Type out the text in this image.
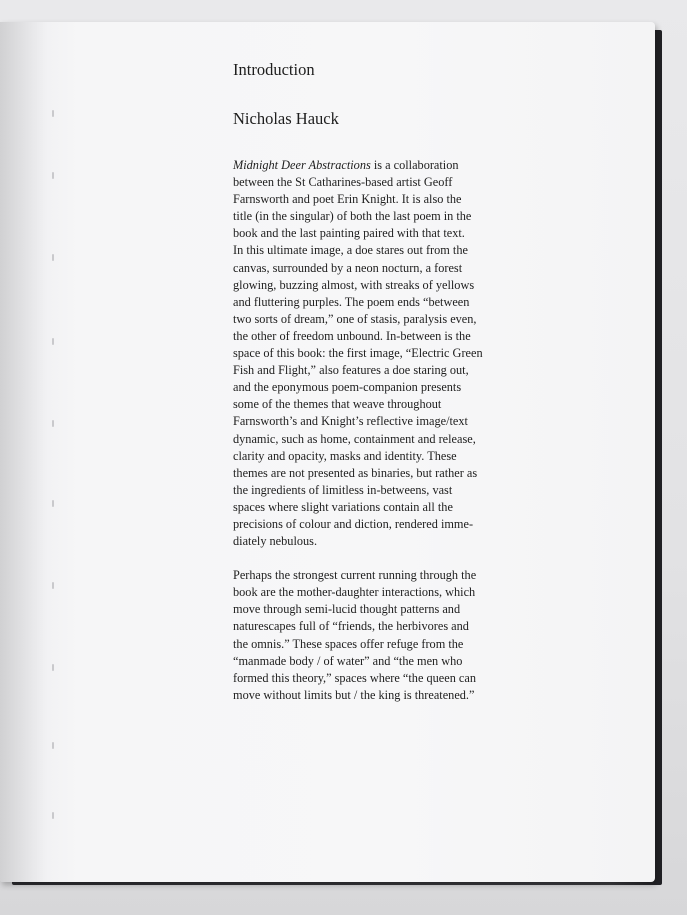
Introduction
Nicholas Hauck

Midnight Deer Abstractions is a collaboration
between the St Catharines-based artist Geoff
Farnsworth and poet Erin Knight. It is also the
title (in the singular) of both the last poem in the
book and the last painting paired with that text.
In this ultimate image, a doe stares out from the
canvas, surrounded by a neon nocturn, a forest
glowing, buzzing almost, with streaks of yellows
and fluttering purples. The poem ends “between
two sorts of dream,” one of stasis, paralysis even,
the other of freedom unbound. In-between is the
space of this book: the first image, “Electric Green
Fish and Flight,” also features a doe staring out,
and the eponymous poem-companion presents
some of the themes that weave throughout
Farnsworth’s and Knight’s reflective image/text
dynamic, such as home, containment and release,
clarity and opacity, masks and identity. These
themes are not presented as binaries, but rather as
the ingredients of limitless in-betweens, vast
spaces where slight variations contain all the
precisions of colour and diction, rendered imme-
diately nebulous.

Perhaps the strongest current running through the
book are the mother-daughter interactions, which
move through semi-lucid thought patterns and
naturescapes full of “friends, the herbivores and
the omnis.” These spaces offer refuge from the
“manmade body / of water” and “the men who
formed this theory,” spaces where “the queen can
move without limits but / the king is threatened.”
